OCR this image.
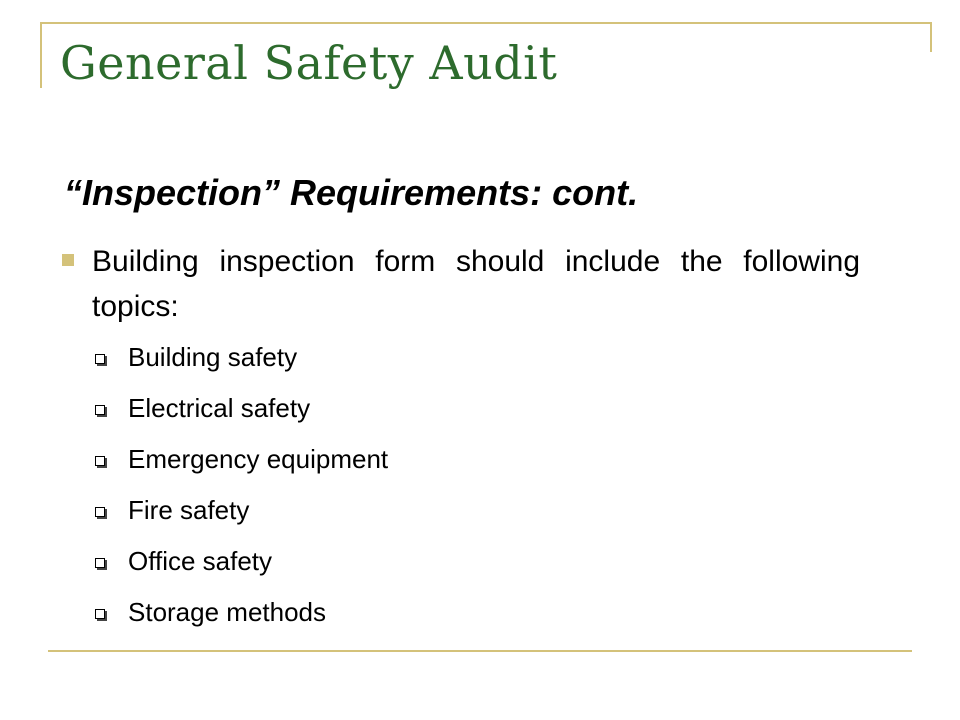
General Safety Audit
“Inspection” Requirements: cont.
Building inspection form should include the following topics:
Building safety
Electrical safety
Emergency equipment
Fire safety
Office safety
Storage methods
